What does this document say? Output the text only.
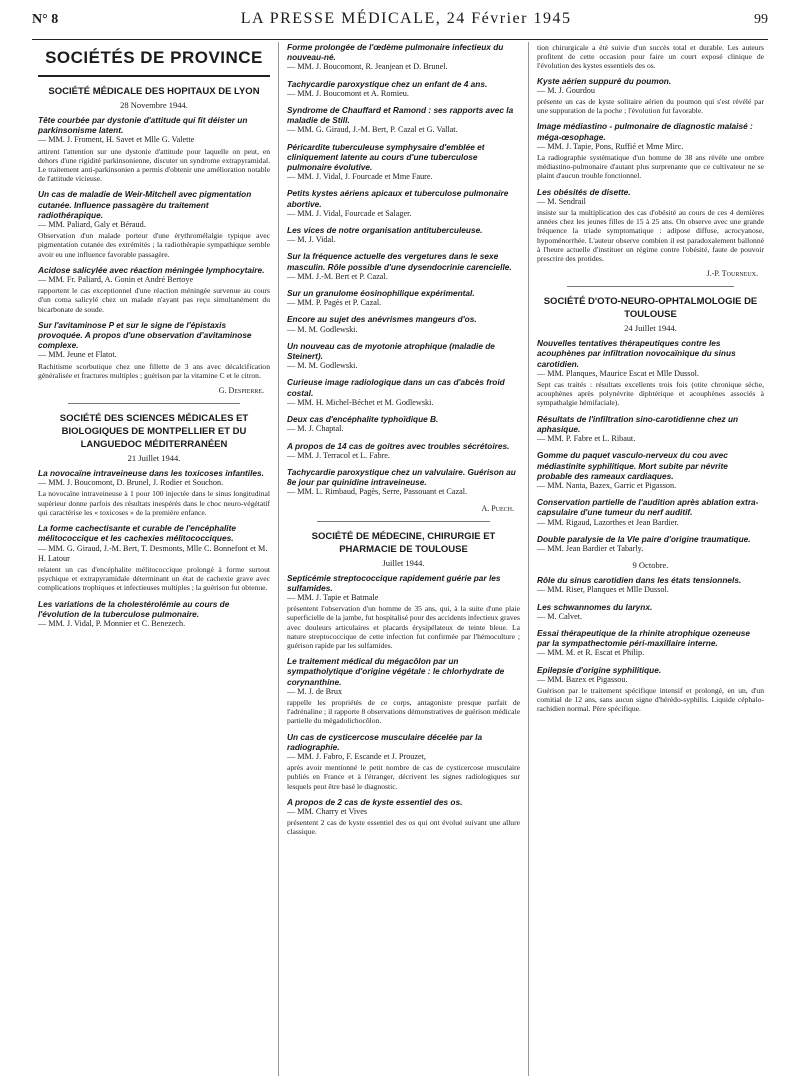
N° 8	LA PRESSE MÉDICALE, 24 Février 1945	99
SOCIÉTÉS DE PROVINCE
SOCIÉTÉ MÉDICALE DES HOPITAUX DE LYON
28 Novembre 1944.
Tête courbée par dystonie d'attitude qui fit déister un parkinsonisme latent.
— MM. J. Froment, H. Savet et Mlle G. Valette
attirent l'attention sur une dystonie d'attitude pour laquelle on peut, en dehors d'une rigidité parkinsonienne, discuter un syndrome extrapyramidal. Le traitement anti-parkinsonien a permis d'obtenir une amélioration notable de l'attitude vicieuse.
Un cas de maladie de Weir-Mitchell avec pigmentation cutanée. Influence passagère du traitement radiothérapique.
— MM. Paliard, Galy et Béraud.
Observation d'un malade porteur d'une érythromélalgie typique avec pigmentation cutanée des extrémités ; la radiothérapie sympathique semble avoir eu une influence favorable passagère.
Acidose salicylée avec réaction méningée lymphocytaire.
— MM. Fr. Paliard, A. Gonin et André Bertoye
rapportent le cas exceptionnel d'une réaction méningée survenue au cours d'un coma salicylé chez un malade n'ayant pas reçu simultanément du bicarbonate de soude.
Sur l'avitaminose P et sur le signe de l'épistaxis provoquée. A propos d'une observation d'avitaminose complexe.
— MM. Jeune et Flatot.
Rachitisme scorbutique chez une fillette de 3 ans avec décalcification généralisée et fractures multiples ; guérison par la vitamine C et le citron.
G. Despierre.
SOCIÉTÉ DES SCIENCES MÉDICALES ET BIOLOGIQUES DE MONTPELLIER ET DU LANGUEDOC MÉDITERRANÉEN
21 Juillet 1944.
La novocaïne intraveineuse dans les toxicoses infantiles.
— MM. J. Boucomont, D. Brunel, J. Rodier et Souchon.
La novocaïne intraveineuse à 1 pour 100 injectée dans le sinus longitudinal supérieur donne parfois des résultats inespérés dans le choc neuro-végétatif qui caractérise les « toxicoses » de la première enfance.
La forme cachectisante et curable de l'encéphalite mélitococcique et les cachexies mélitococciques.
— MM. G. Giraud, J.-M. Bert, T. Desmonts, Mlle C. Bonnefont et M. H. Latour
relatent un cas d'encéphalite mélitococcique prolongé à forme surtout psychique et extrapyramidale déterminant un état de cachexie grave avec complications trophiques et infectieuses multiples ; la guérison fut obtenue.
Les variations de la cholestérolémie au cours de l'évolution de la tuberculose pulmonaire.
— MM. J. Vidal, P. Monnier et C. Benezech.
Forme prolongée de l'œdème pulmonaire infectieux du nouveau-né.
— MM. J. Boucomont, R. Jeanjean et D. Brunel.
Tachycardie paroxystique chez un enfant de 4 ans.
— MM. J. Boucomont et A. Romieu.
Syndrome de Chauffard et Ramond : ses rapports avec la maladie de Still.
— MM. G. Giraud, J.-M. Bert, P. Cazal et G. Vallat.
Péricardite tuberculeuse symphysaire d'emblée et cliniquement latente au cours d'une tuberculose pulmonaire évolutive.
— MM. J. Vidal, J. Fourcade et Mme Faure.
Petits kystes aériens apicaux et tuberculose pulmonaire abortive.
— MM. J. Vidal, Fourcade et Salager.
Les vices de notre organisation antituberculeuse.
— M. J. Vidal.
Sur la fréquence actuelle des vergetures dans le sexe masculin. Rôle possible d'une dysendocrinie carencielle.
— MM. J.-M. Bert et P. Cazal.
Sur un granulome éosinophilique expérimental.
— MM. P. Pagès et P. Cazal.
Encore au sujet des anévrismes mangeurs d'os.
— M. M. Godlewski.
Un nouveau cas de myotonie atrophique (maladie de Steinert).
— M. M. Godlewski.
Curieuse image radiologique dans un cas d'abcès froid costal.
— MM. H. Michel-Béchet et M. Godlewski.
Deux cas d'encéphalite typhoïdique B.
— M. J. Chaptal.
A propos de 14 cas de goitres avec troubles sécrétoires.
— MM. J. Terracol et L. Fabre.
Tachycardie paroxystique chez un valvulaire. Guérison au 8e jour par quinidine intraveineuse.
— MM. L. Rimbaud, Pagès, Serre, Passouant et Cazal.
A. Puech.
SOCIÉTÉ DE MÉDECINE, CHIRURGIE ET PHARMACIE DE TOULOUSE
Juillet 1944.
Septicémie streptococcique rapidement guérie par les sulfamides.
— MM. J. Tapie et Batmale
présentent l'observation d'un homme de 35 ans, qui, à la suite d'une plaie superficielle de la jambe, fut hospitalisé pour des accidents infectieux graves avec douleurs articulaires et placards érysipélateux de teinte bleue. La nature streptococcique de cette infection fut confirmée par l'hémoculture ; guérison rapide par les sulfamides.
Le traitement médical du mégacôlon par un sympatholytique d'origine végétale : le chlorhydrate de corynanthine.
— M. J. de Brux
rappelle les propriétés de ce corps, antagoniste presque parfait de l'adrénaline ; il rapporte 8 observations démonstratives de guérison médicale partielle du mégadolichocôlon.
Un cas de cysticercose musculaire décelée par la radiographie.
— MM. J. Fabro, F. Escande et J. Prouzet,
après avoir mentionné le petit nombre de cas de cysticercose musculaire publiés en France et à l'étranger, décrivent les signes radiologiques sur lesquels peut être basé le diagnostic.
A propos de 2 cas de kyste essentiel des os.
— MM. Charry et Vives
présentent 2 cas de kyste essentiel des os qui ont évolué suivant une allure classique.
tion chirurgicale a été suivie d'un succès total et durable. Les auteurs profitent de cette occasion pour faire un court exposé clinique de l'évolution des kystes essentiels des os.
Kyste aérien suppuré du poumon.
— M. J. Gourdou
présente un cas de kyste solitaire aérien du poumon qui s'est révélé par une suppuration de la poche ; l'évolution fut favorable.
Image médiastino - pulmonaire de diagnostic malaisé : méga-œsophage.
— MM. J. Tapie, Pons, Ruffié et Mme Mirc.
La radiographie systématique d'un homme de 38 ans révèle une ombre médiastino-pulmonaire d'autant plus surprenante que ce cultivateur ne se plaint d'aucun trouble fonctionnel.
Les obésités de disette.
— M. Sendrail
insiste sur la multiplication des cas d'obésité au cours de ces 4 dernières années chez les jeunes filles de 15 à 25 ans. On observe avec une grande fréquence la triade symptomatique : adipose diffuse, acrocyanose, hypoménorrhée. L'auteur observe combien il est paradoxalement ballonné à l'heure actuelle d'instituer un régime contre l'obésité, faute de pouvoir prescrire des protides.
J.-P. Tourneux.
SOCIÉTÉ D'OTO-NEURO-OPHTALMOLOGIE DE TOULOUSE
24 Juillet 1944.
Nouvelles tentatives thérapeutiques contre les acouphènes par infiltration novocaïnique du sinus carotidien.
— MM. Planques, Maurice Escat et Mlle Dussol.
Sept cas traités : résultats excellents trois fois (otite chronique sèche, acouphènes après polynévrite diphtérique et acouphènes associés à sympathalgie hémifaciale).
Résultats de l'infiltration sino-carotidienne chez un aphasique.
— MM. P. Fabre et L. Ribaut.
Gomme du paquet vasculo-nerveux du cou avec médiastinite syphilitique. Mort subite par névrite probable des rameaux cardiaques.
— MM. Nanta, Bazex, Garric et Pigasson.
Conservation partielle de l'audition après ablation extra-capsulaire d'une tumeur du nerf auditif.
— MM. Rigaud, Lazorthes et Jean Bardier.
Double paralysie de la VIe paire d'origine traumatique.
— MM. Jean Bardier et Tabarly.
9 Octobre.
Rôle du sinus carotidien dans les états tensionnels.
— MM. Riser, Planques et Mlle Dussol.
Les schwannomes du larynx.
— M. Calvet.
Essai thérapeutique de la rhinite atrophique ozeneuse par la sympathectomie péri-maxillaire interne.
— MM. M. et R. Escat et Philip.
Epilepsie d'origine syphilitique.
— MM. Bazex et Pigassou.
Guérison par le traitement spécifique intensif et prolongé, en un, d'un comitial de 12 ans, sans aucun signe d'hérédo-syphilis. Liquide céphalo-rachidien normal. Père spécifique.
